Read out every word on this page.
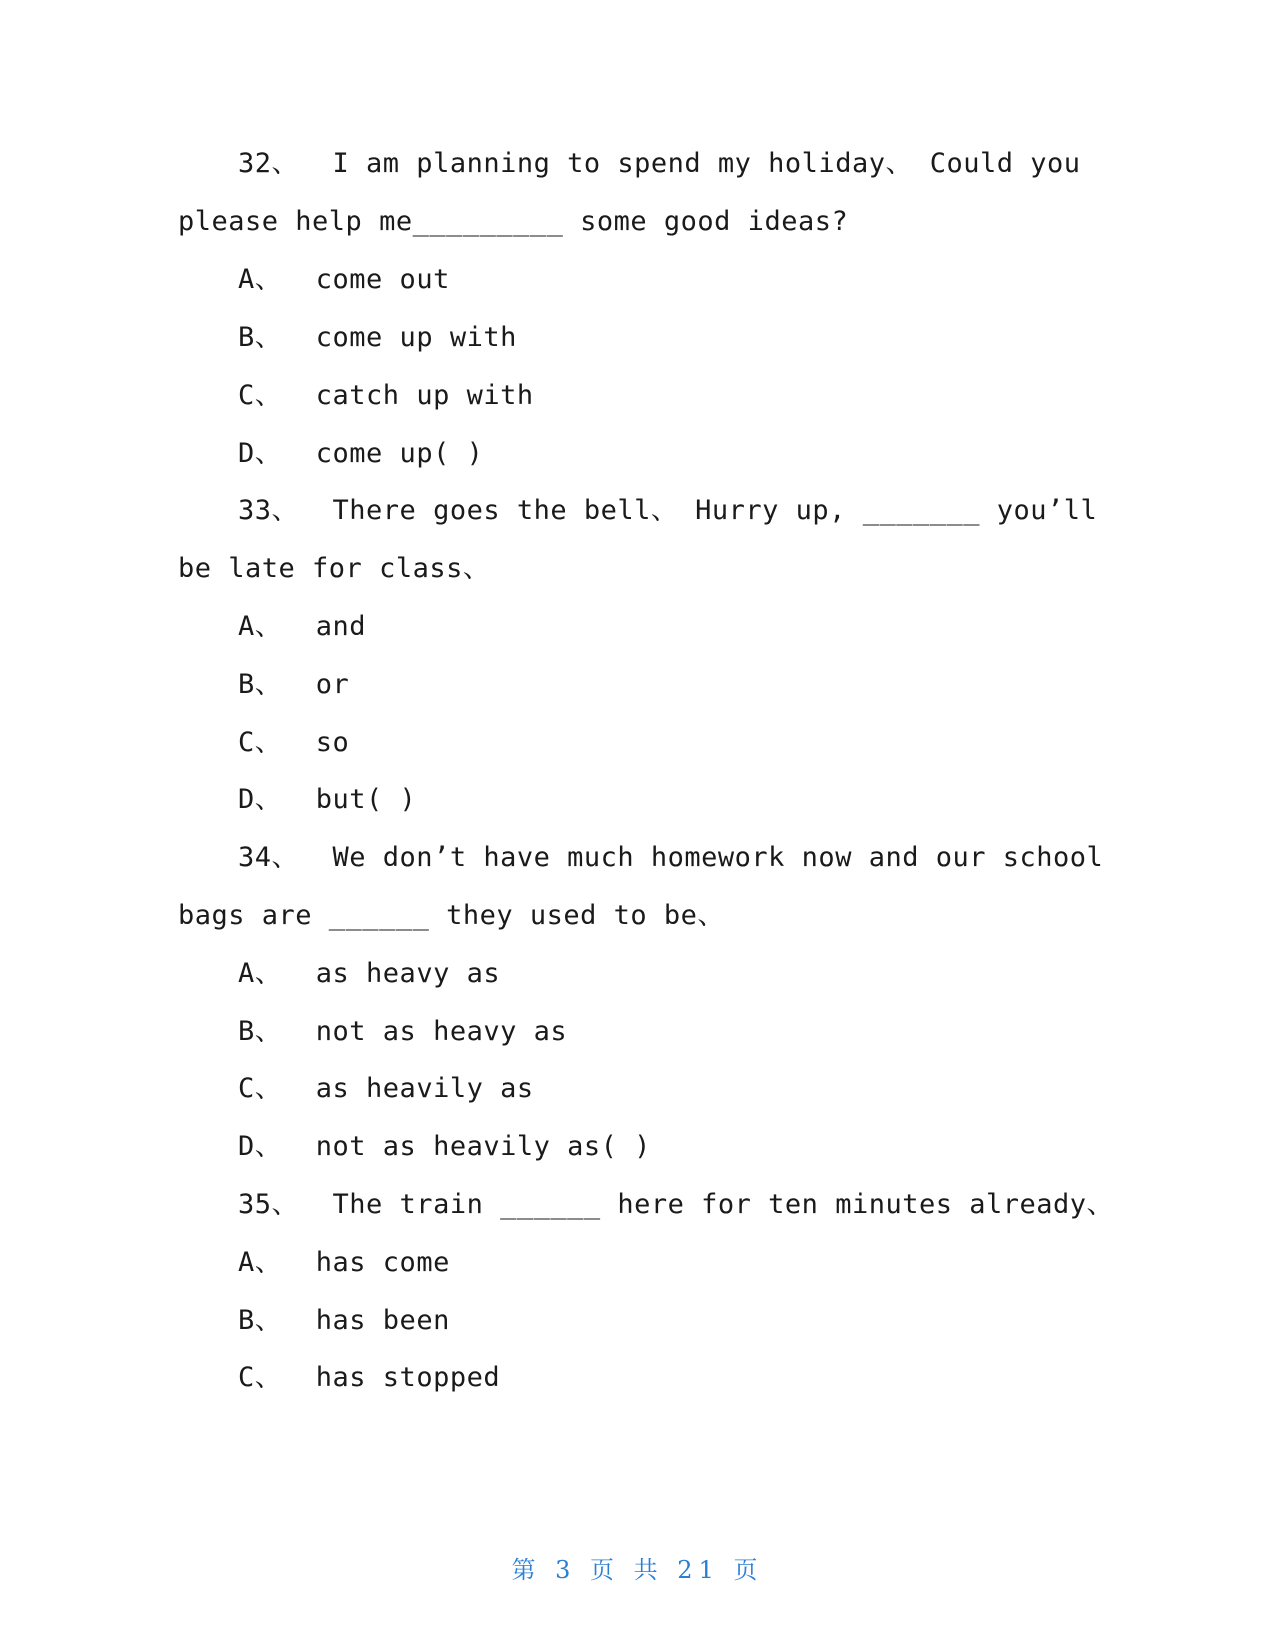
32、 I am planning to spend my holiday、 Could you
please help me_________ some good ideas?
A、 come out
B、 come up with
C、 catch up with
D、 come up( )
33、 There goes the bell、 Hurry up, _______ you’ll
be late for class、
A、 and
B、 or
C、 so
D、 but( )
34、 We don’t have much homework now and our school
bags are ______ they used to be、
A、 as heavy as
B、 not as heavy as
C、 as heavily as
D、 not as heavily as( )
35、 The train ______ here for ten minutes already、
A、 has come
B、 has been
C、 has stopped
第 3 页 共 21 页
